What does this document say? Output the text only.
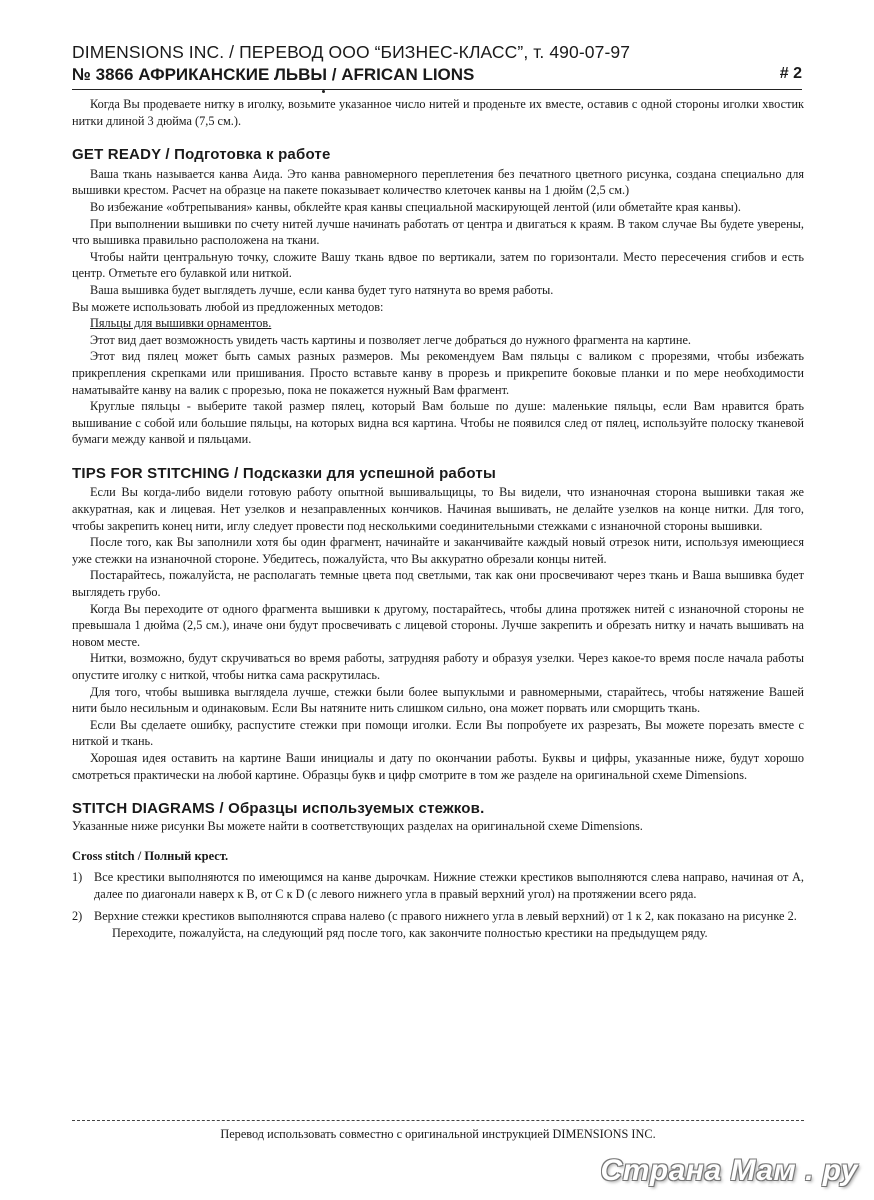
DIMENSIONS INC. / ПЕРЕВОД ООО “БИЗНЕС-КЛАСС”, т. 490-07-97
№ 3866 АФРИКАНСКИЕ ЛЬВЫ / AFRICAN LIONS	# 2

Когда Вы продеваете нитку в иголку, возьмите указанное число нитей и проденьте их вместе, оставив с одной стороны иголки хвостик нитки длиной 3 дюйма (7,5 см.).

GET READY / Подготовка к работе

Ваша ткань называется канва Аида. Это канва равномерного переплетения без печатного цветного рисунка, создана специально для вышивки крестом. Расчет на образце на пакете показывает количество клеточек канвы на 1 дюйм (2,5 см.)

Во избежание «обтрепывания» канвы, обклейте края канвы специальной маскирующей лентой (или обметайте края канвы).

При выполнении вышивки по счету нитей лучше начинать работать от центра и двигаться к краям. В таком случае Вы будете уверены, что вышивка правильно расположена на ткани.

Чтобы найти центральную точку, сложите Вашу ткань вдвое по вертикали, затем по горизонтали. Место пересечения сгибов и есть центр. Отметьте его булавкой или ниткой.

Ваша вышивка будет выглядеть лучше, если канва будет туго натянута во время работы.

Вы можете использовать любой из предложенных методов:

Пяльцы для вышивки орнаментов.

Этот вид дает возможность увидеть часть картины и позволяет легче добраться до нужного фрагмента на картине.

Этот вид пялец может быть самых разных размеров. Мы рекомендуем Вам пяльцы с валиком с прорезями, чтобы избежать прикрепления скрепками или пришивания. Просто вставьте канву в прорезь и прикрепите боковые планки и по мере необходимости наматывайте канву на валик с прорезью, пока не покажется нужный Вам фрагмент.

Круглые пяльцы - выберите такой размер пялец, который Вам больше по душе: маленькие пяльцы, если Вам нравится брать вышивание с собой или большие пяльцы, на которых видна вся картина. Чтобы не появился след от пялец, используйте полоску тканевой бумаги между канвой и пяльцами.

TIPS FOR STITCHING / Подсказки для успешной работы

Если Вы когда-либо видели готовую работу опытной вышивальщицы, то Вы видели, что изнаночная сторона вышивки такая же аккуратная, как и лицевая. Нет узелков и незаправленных кончиков. Начиная вышивать, не делайте узелков на конце нитки. Для того, чтобы закрепить конец нити, иглу следует провести под несколькими соединительными стежками с изнаночной стороны вышивки.

После того, как Вы заполнили хотя бы один фрагмент, начинайте и заканчивайте каждый новый отрезок нити, используя имеющиеся уже стежки на изнаночной стороне. Убедитесь, пожалуйста, что Вы аккуратно обрезали концы нитей.

Постарайтесь, пожалуйста, не располагать темные цвета под светлыми, так как они просвечивают через ткань и Ваша вышивка будет выглядеть грубо.

Когда Вы переходите от одного фрагмента вышивки к другому, постарайтесь, чтобы длина протяжек нитей с изнаночной стороны не превышала 1 дюйма (2,5 см.), иначе они будут просвечивать с лицевой стороны. Лучше закрепить и обрезать нитку и начать вышивать на новом месте.

Нитки, возможно, будут скручиваться во время работы, затрудняя работу и образуя узелки. Через какое-то время после начала работы опустите иголку с ниткой, чтобы нитка сама раскрутилась.

Для того, чтобы вышивка выглядела лучше, стежки были более выпуклыми и равномерными, старайтесь, чтобы натяжение Вашей нити было несильным и одинаковым. Если Вы натяните нить слишком сильно, она может порвать или сморщить ткань.

Если Вы сделаете ошибку, распустите стежки при помощи иголки. Если Вы попробуете их разрезать, Вы можете порезать вместе с ниткой и ткань.

Хорошая идея оставить на картине Ваши инициалы и дату по окончании работы. Буквы и цифры, указанные ниже, будут хорошо смотреться практически на любой картине. Образцы букв и цифр смотрите в том же разделе на оригинальной схеме Dimensions.

STITCH DIAGRAMS / Образцы используемых стежков.

Указанные ниже рисунки Вы можете найти в соответствующих разделах на оригинальной схеме Dimensions.

Cross stitch / Полный крест.
1) Все крестики выполняются по имеющимся на канве дырочкам. Нижние стежки крестиков выполняются слева направо, начиная от А, далее по диагонали наверх к В, от С к D (с левого нижнего угла в правый верхний угол) на протяжении всего ряда.
2) Верхние стежки крестиков выполняются справа налево (с правого нижнего угла в левый верхний) от 1 к 2, как показано на рисунке 2.

Переходите, пожалуйста, на следующий ряд после того, как закончите полностью крестики на предыдущем ряду.

Перевод использовать совместно с оригинальной инструкцией DIMENSIONS INC.
Страна Мам . ру
